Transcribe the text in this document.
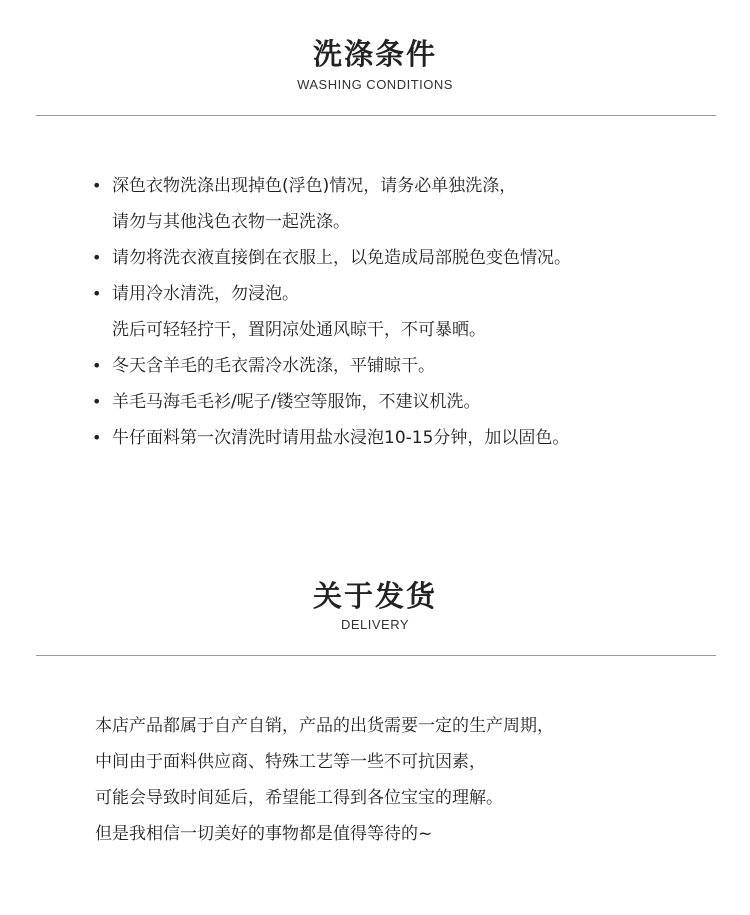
洗涤条件
WASHING CONDITIONS
• 深色衣物洗涤出现掉色(浮色)情况，请务必单独洗涤，
请勿与其他浅色衣物一起洗涤。
• 请勿将洗衣液直接倒在衣服上，以免造成局部脱色变色情况。
• 请用冷水清洗，勿浸泡。
洗后可轻轻拧干，置阴凉处通风晾干，不可暴晒。
• 冬天含羊毛的毛衣需冷水洗涤，平铺晾干。
• 羊毛马海毛毛衫/呢子/镂空等服饰，不建议机洗。
• 牛仔面料第一次清洗时请用盐水浸泡10-15分钟，加以固色。
关于发货
DELIVERY
本店产品都属于自产自销，产品的出货需要一定的生产周期，
中间由于面料供应商、特殊工艺等一些不可抗因素，
可能会导致时间延后，希望能工得到各位宝宝的理解。
但是我相信一切美好的事物都是值得等待的~
